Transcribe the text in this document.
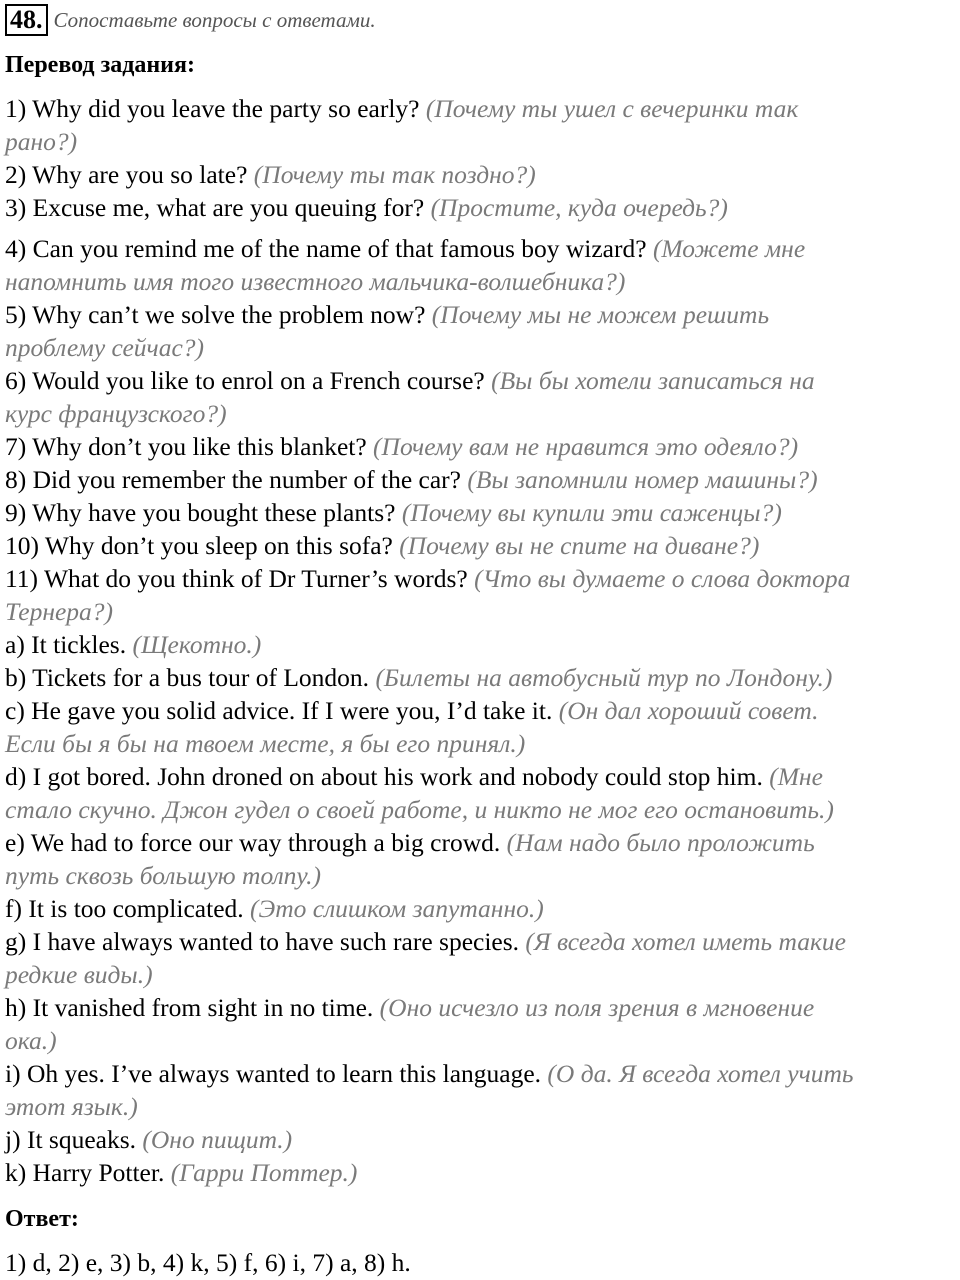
48. Сопоставьте вопросы с ответами.
Перевод задания:
1) Why did you leave the party so early? (Почему ты ушел с вечеринки так
рано?)
2) Why are you so late? (Почему ты так поздно?)
3) Excuse me, what are you queuing for? (Простите, куда очередь?)
4) Can you remind me of the name of that famous boy wizard? (Можете мне
напомнить имя того известного мальчика-волшебника?)
5) Why can’t we solve the problem now? (Почему мы не можем решить
проблему сейчас?)
6) Would you like to enrol on a French course? (Вы бы хотели записаться на
курс французского?)
7) Why don’t you like this blanket? (Почему вам не нравится это одеяло?)
8) Did you remember the number of the car? (Вы запомнили номер машины?)
9) Why have you bought these plants? (Почему вы купили эти саженцы?)
10) Why don’t you sleep on this sofa? (Почему вы не спите на диване?)
11) What do you think of Dr Turner’s words? (Что вы думаете о слова доктора
Тернера?)
a) It tickles. (Щекотно.)
b) Tickets for a bus tour of London. (Билеты на автобусный тур по Лондону.)
c) He gave you solid advice. If I were you, I’d take it. (Он дал хороший совет.
Если бы я бы на твоем месте, я бы его принял.)
d) I got bored. John droned on about his work and nobody could stop him. (Мне
стало скучно. Джон гудел о своей работе, и никто не мог его остановить.)
e) We had to force our way through a big crowd. (Нам надо было проложить
путь сквозь большую толпу.)
f) It is too complicated. (Это слишком запутанно.)
g) I have always wanted to have such rare species. (Я всегда хотел иметь такие
редкие виды.)
h) It vanished from sight in no time. (Оно исчезло из поля зрения в мгновение
ока.)
i) Oh yes. I’ve always wanted to learn this language. (О да. Я всегда хотел учить
этот язык.)
j) It squeaks. (Оно пищит.)
k) Harry Potter. (Гарри Поттер.)
Ответ:
1) d, 2) e, 3) b, 4) k, 5) f, 6) i, 7) a, 8) h.
